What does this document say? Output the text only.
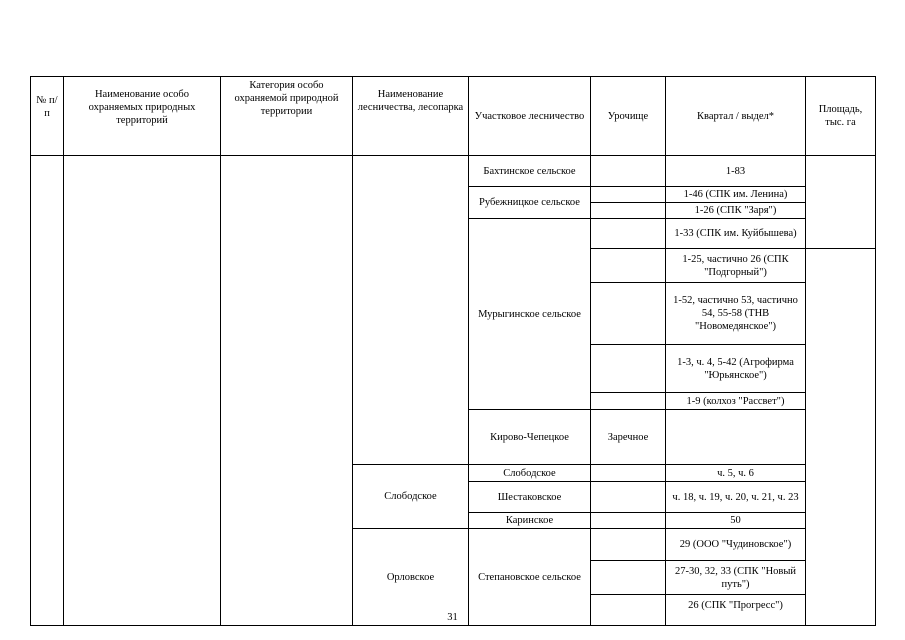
№ п/п	Наименование особо охраняемых природных территорий	Категория особо охраняемой природной территории	Наименование лесничества, лесопарка	Участковое лесничество	Урочище	Квартал / выдел*	Площадь, тыс. га	
				Бахтинское сельское		1-83		
				Рубежницкое сельское		1-46 (СПК им. Ленина)		
						1-26 (СПК "Заря")		
				Мурыгинское сельское		1-33 (СПК им. Куйбышева)		
						1-25, частично 26 (СПК "Подгорный")		
						1-52, частично 53, частично 54, 55-58 (ТНВ "Новомедянское")		
						1-3, ч. 4, 5-42 (Агрофирма "Юрьянское")		
						1-9 (колхоз "Рассвет")		
				Кирово-Чепецкое	Заречное		
			Слободское	Слободское		ч. 5, ч. 6		
				Шестаковское		ч. 18, ч. 19, ч. 20, ч. 21, ч. 23		
				Каринское		50		
			Орловское	Степановское сельское		29 (ООО "Чудиновское")		
						27-30, 32, 33 (СПК "Новый путь")		
						26 (СПК "Прогресс")		
31
